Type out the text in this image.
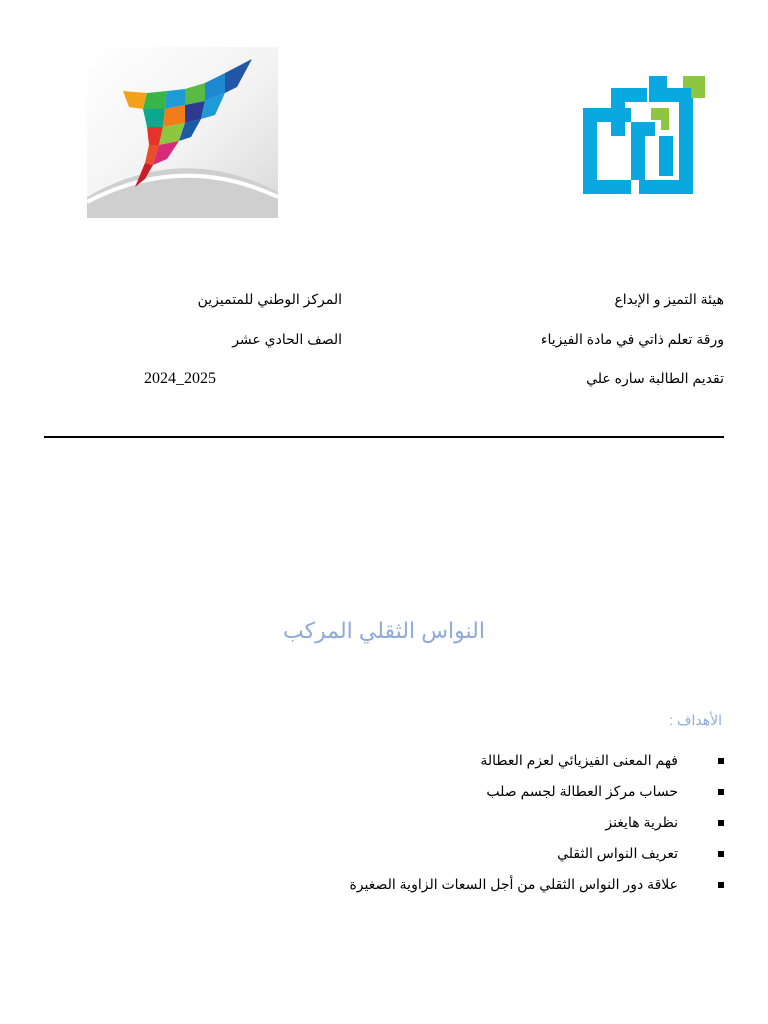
هيئة التميز و الإبداع
المركز الوطني للمتميزين
ورقة تعلم ذاتي في مادة الفيزياء
الصف الحادي عشر
تقديم الطالبة ساره علي
2024_2025
النواس الثقلي المركب
الأهداف :
فهم المعنى الفيزيائي لعزم العطالة
حساب مركز العطالة لجسم صلب
نظرية هايغنز
تعريف النواس الثقلي
علاقة دور النواس الثقلي من أجل السعات الزاوية الصغيرة
